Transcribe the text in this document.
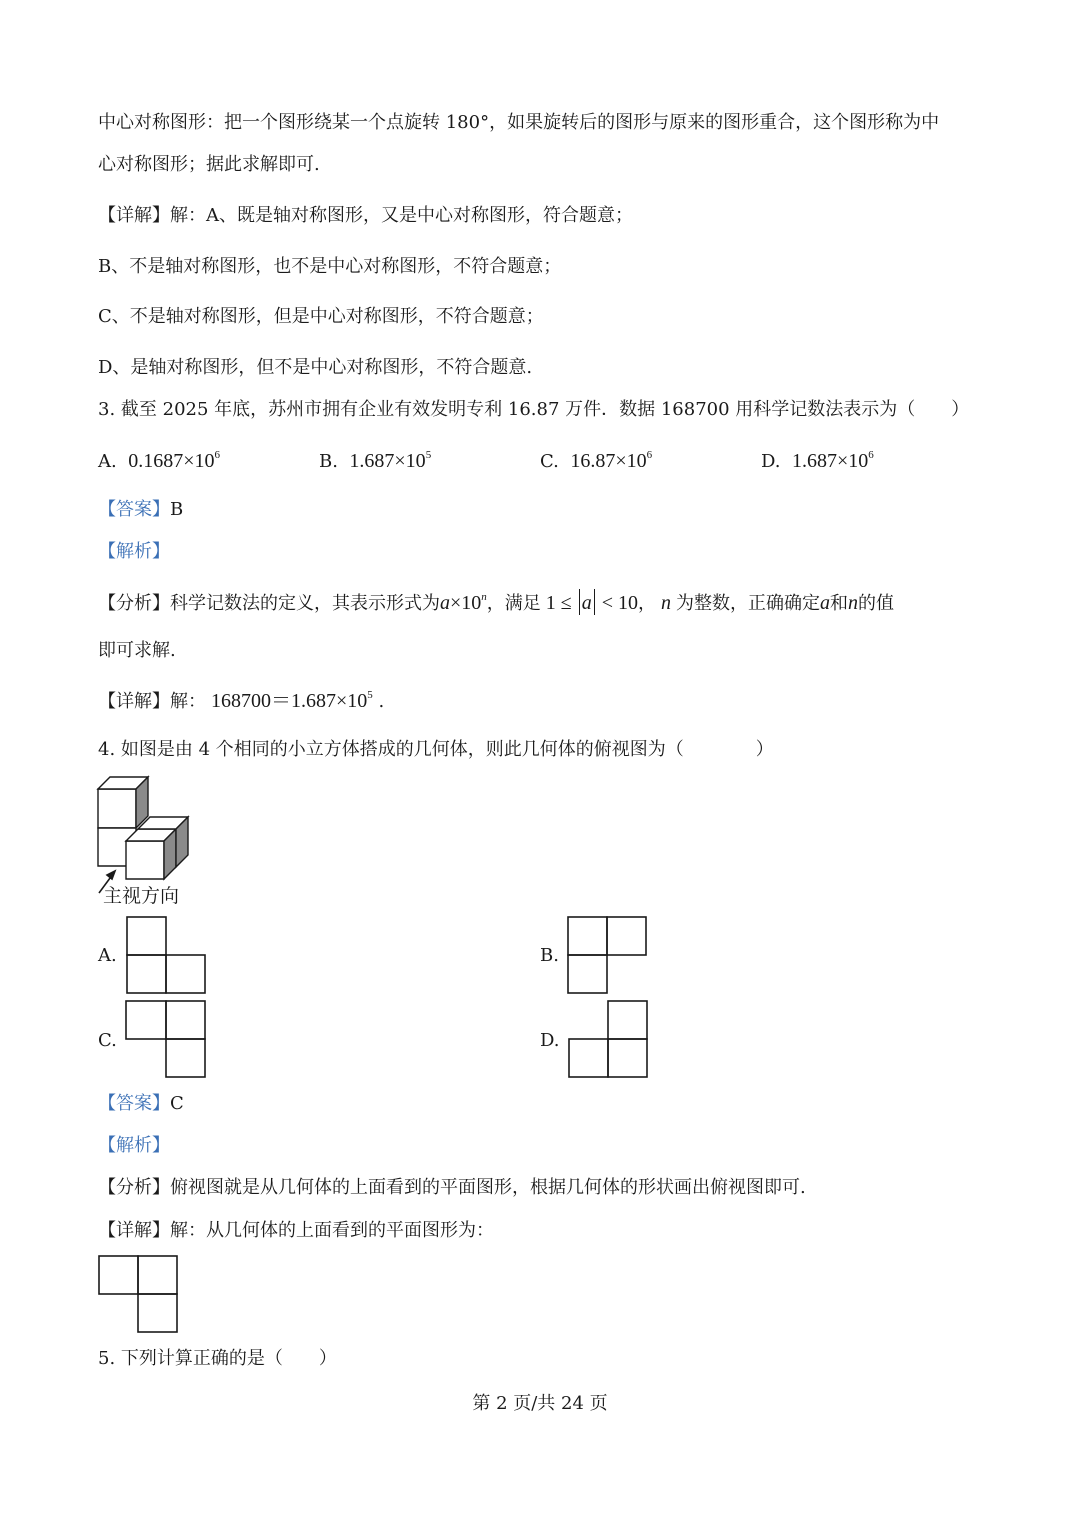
中心对称图形：把一个图形绕某一个点旋转 180°，如果旋转后的图形与原来的图形重合，这个图形称为中
心对称图形；据此求解即可.
【详解】解：A、既是轴对称图形，又是中心对称图形，符合题意；
B、不是轴对称图形，也不是中心对称图形，不符合题意；
C、不是轴对称图形，但是中心对称图形，不符合题意；
D、是轴对称图形，但不是中心对称图形，不符合题意.
3. 截至 2025 年底，苏州市拥有企业有效发明专利 16.87 万件．数据 168700 用科学记数法表示为（　　）
A. $0.1687\times 10^6$	B. $1.687\times 10^5$	C. $16.87\times 10^6$	D. $1.687\times 10^6$
【答案】B
【解析】
【分析】科学记数法的定义，其表示形式为$a\times 10^n$，满足 1 ≤ a < 10， n 为整数，正确确定a和n的值
即可求解.
【详解】解： $168700=1.687\times 10^5$ .
4. 如图是由 4 个相同的小立方体搭成的几何体，则此几何体的俯视图为（　　　　）
主视方向
A.	B.
C.	D.
【答案】C
【解析】
【分析】俯视图就是从几何体的上面看到的平面图形，根据几何体的形状画出俯视图即可.
【详解】解：从几何体的上面看到的平面图形为：
5. 下列计算正确的是（　　）
第 2 页/共 24 页
